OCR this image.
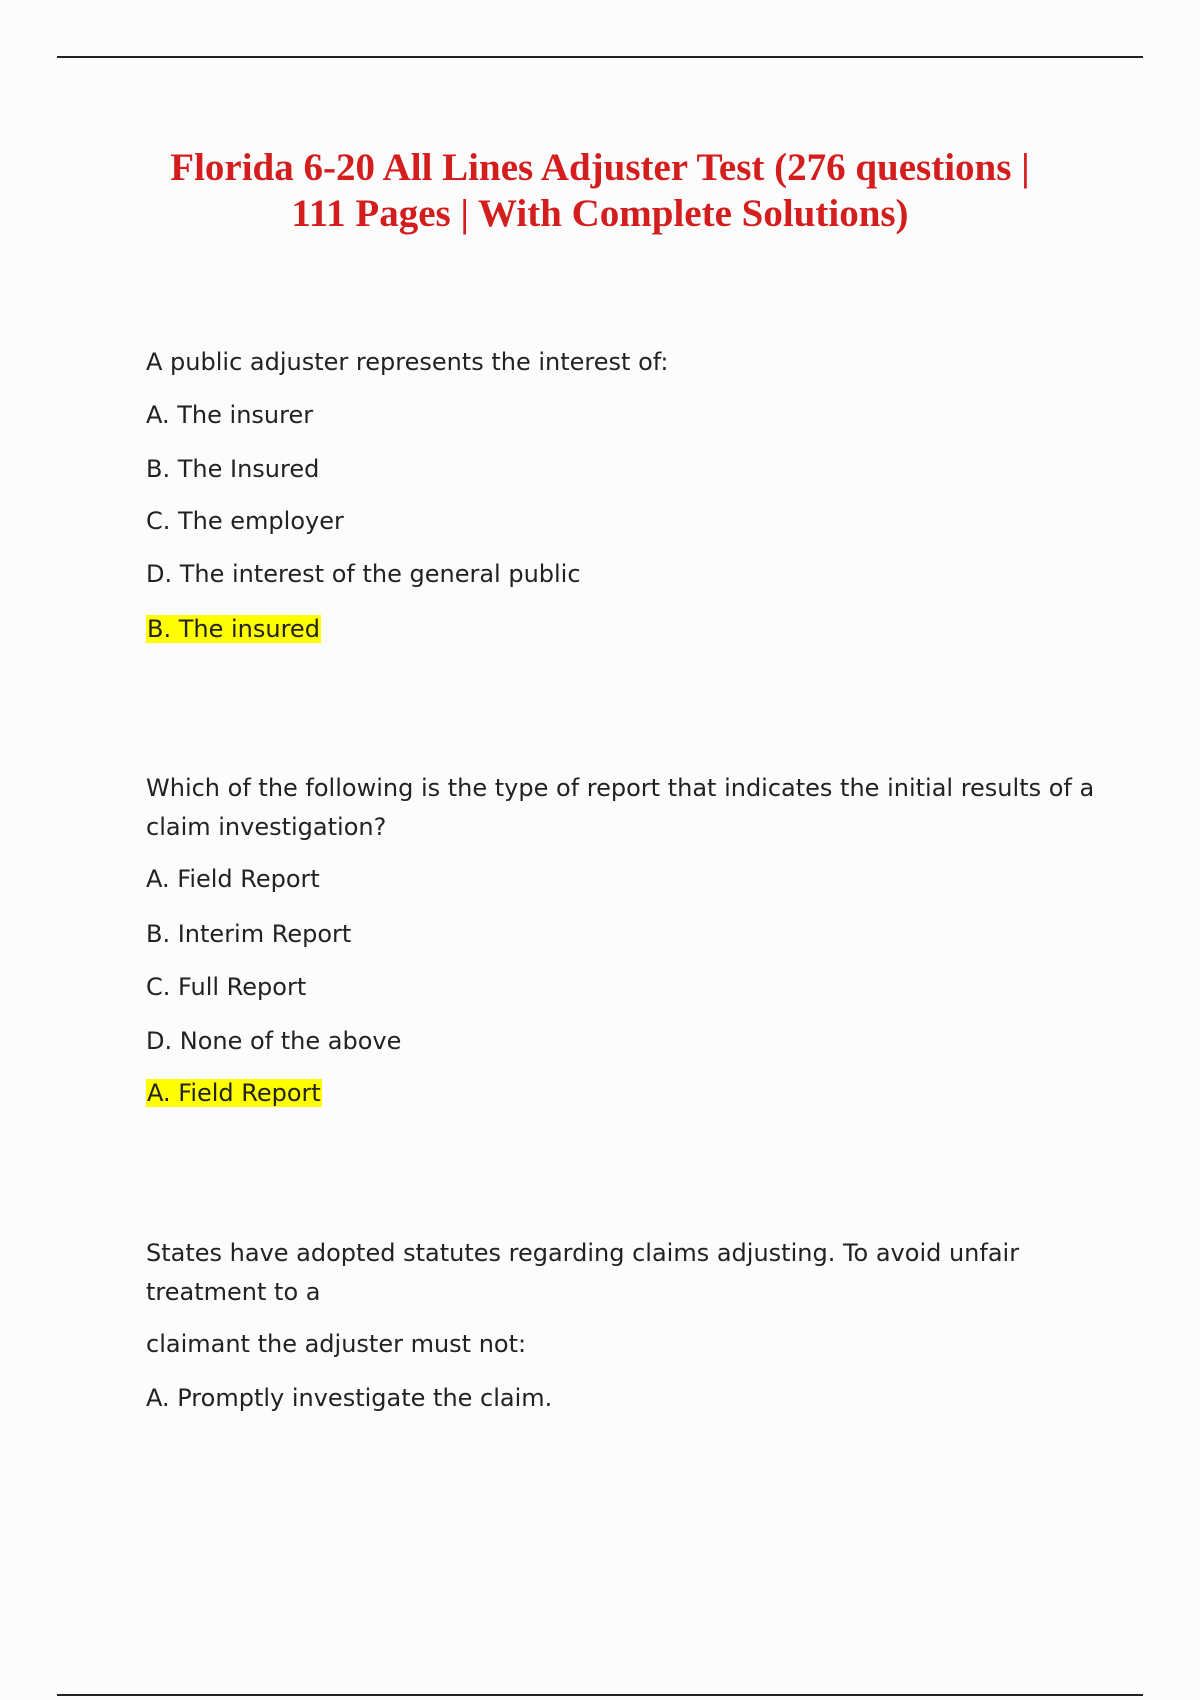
Florida 6-20 All Lines Adjuster Test (276 questions |
111 Pages | With Complete Solutions)
A public adjuster represents the interest of:
A. The insurer
B. The Insured
C. The employer
D. The interest of the general public
B. The insured
Which of the following is the type of report that indicates the initial results of a
claim investigation?
A. Field Report
B. Interim Report
C. Full Report
D. None of the above
A. Field Report
States have adopted statutes regarding claims adjusting. To avoid unfair
treatment to a
claimant the adjuster must not:
A. Promptly investigate the claim.
